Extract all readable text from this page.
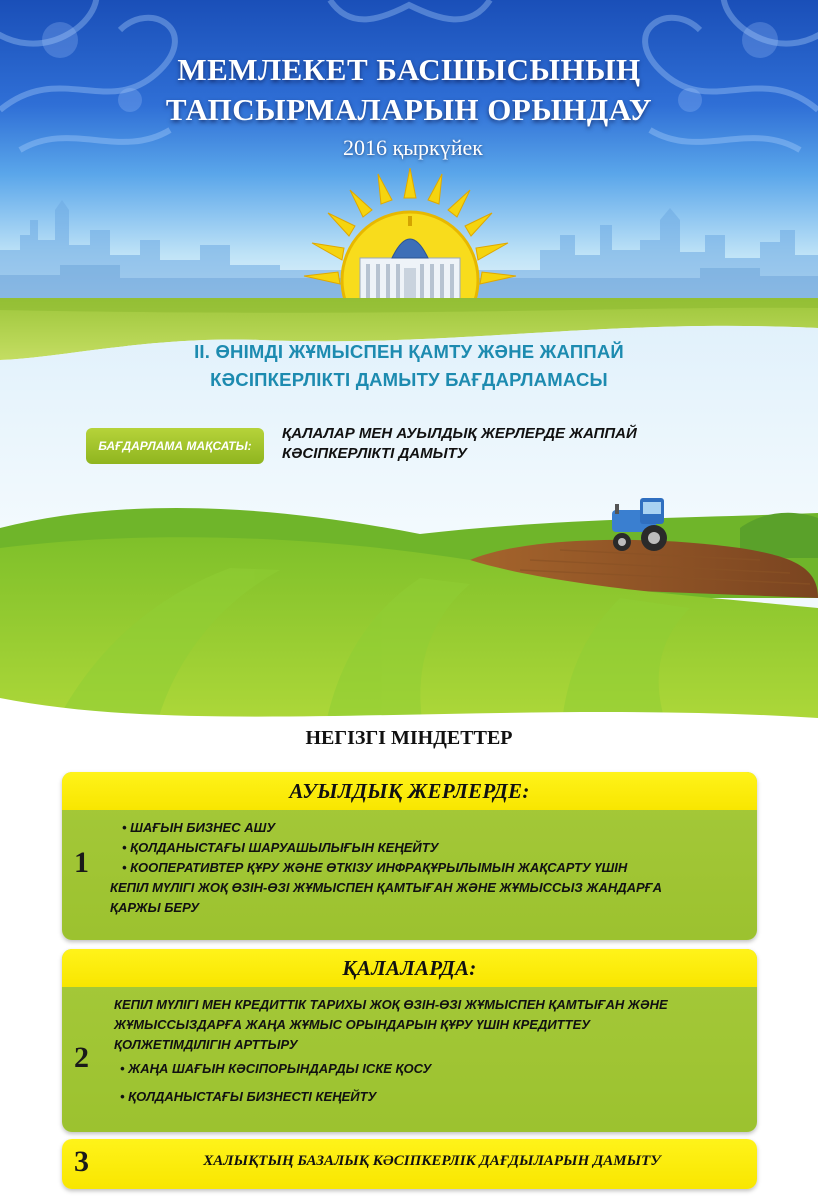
МЕМЛЕКЕТ БАСШЫСЫНЫҢ
ТАПСЫРМАЛАРЫН ОРЫНДАУ
2016 қыркүйек
ІІ. ӨНІМДІ ЖҰМЫСПЕН ҚАМТУ ЖӘНЕ ЖАППАЙ
КӘСІПКЕРЛІКТІ ДАМЫТУ БАҒДАРЛАМАСЫ
БАҒДАРЛАМА МАҚСАТЫ:
ҚАЛАЛАР МЕН АУЫЛДЫҚ ЖЕРЛЕРДЕ ЖАППАЙ
КӘСІПКЕРЛІКТІ ДАМЫТУ
НЕГІЗГІ МІНДЕТТЕР
АУЫЛДЫҚ ЖЕРЛЕРДЕ:
1
• ШАҒЫН БИЗНЕС АШУ
• ҚОЛДАНЫСТАҒЫ ШАРУАШЫЛЫҒЫН КЕҢЕЙТУ
• КООПЕРАТИВТЕР ҚҰРУ ЖӘНЕ ӨТКІЗУ ИНФРАҚҰРЫЛЫМЫН ЖАҚСАРТУ ҮШІН
КЕПІЛ МҮЛІГІ ЖОҚ ӨЗІН-ӨЗІ ЖҰМЫСПЕН ҚАМТЫҒАН ЖӘНЕ ЖҰМЫССЫЗ ЖАНДАРҒА
ҚАРЖЫ БЕРУ
ҚАЛАЛАРДА:
2
КЕПІЛ МҮЛІГІ МЕН КРЕДИТТІК ТАРИХЫ ЖОҚ ӨЗІН-ӨЗІ ЖҰМЫСПЕН ҚАМТЫҒАН ЖӘНЕ
ЖҰМЫССЫЗДАРҒА ЖАҢА ЖҰМЫС ОРЫНДАРЫН ҚҰРУ ҮШІН КРЕДИТТЕУ
ҚОЛЖЕТІМДІЛІГІН АРТТЫРУ
• ЖАҢА ШАҒЫН КӘСІПОРЫНДАРДЫ ІСКЕ ҚОСУ
• ҚОЛДАНЫСТАҒЫ БИЗНЕСТІ КЕҢЕЙТУ
3	ХАЛЫҚТЫҢ БАЗАЛЫҚ КӘСІПКЕРЛІК ДАҒДЫЛАРЫН ДАМЫТУ
